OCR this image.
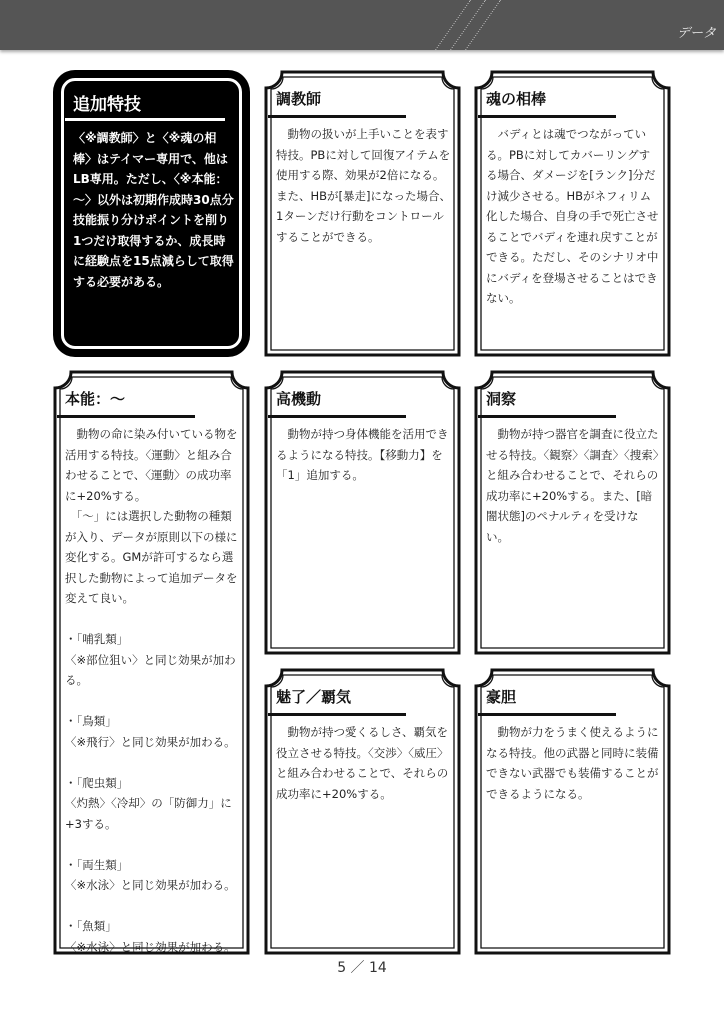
データ
追加特技
〈※調教師〉と〈※魂の相棒〉はテイマー専用で、他はLB専用。ただし、〈※本能：～〉以外は初期作成時30点分技能振り分けポイントを削り1つだけ取得するか、成長時に経験点を15点減らして取得する必要がある。
調教師
　動物の扱いが上手いことを表す特技。PBに対して回復アイテムを使用する際、効果が2倍になる。また、HBが[暴走]になった場合、1ターンだけ行動をコントロールすることができる。
魂の相棒
　バディとは魂でつながっている。PBに対してカバーリングする場合、ダメージを[ランク]分だけ減少させる。HBがネフィリム化した場合、自身の手で死亡させることでバディを連れ戻すことができる。ただし、そのシナリオ中にバディを登場させることはできない。
本能：～
　動物の命に染み付いている物を活用する特技。〈運動〉と組み合わせることで、〈運動〉の成功率に+20%する。
　「～」には選択した動物の種類が入り、データが原則以下の様に変化する。GMが許可するなら選択した動物によって追加データを変えて良い。

・「哺乳類」
〈※部位狙い〉と同じ効果が加わる。

・「鳥類」
〈※飛行〉と同じ効果が加わる。

・「爬虫類」
〈灼熱〉〈冷却〉の「防御力」に+3する。

・「両生類」
〈※水泳〉と同じ効果が加わる。

・「魚類」
〈※水泳〉と同じ効果が加わる。
高機動
　動物が持つ身体機能を活用できるようになる特技。【移動力】を「1」追加する。
洞察
　動物が持つ器官を調査に役立たせる特技。〈観察〉〈調査〉〈捜索〉と組み合わせることで、それらの成功率に+20%する。また、[暗闇状態]のペナルティを受けない。
魅了／覇気
　動物が持つ愛くるしさ、覇気を役立させる特技。〈交渉〉〈威圧〉と組み合わせることで、それらの成功率に+20%する。
豪胆
　動物が力をうまく使えるようになる特技。他の武器と同時に装備できない武器でも装備することができるようになる。
5 ／ 14
